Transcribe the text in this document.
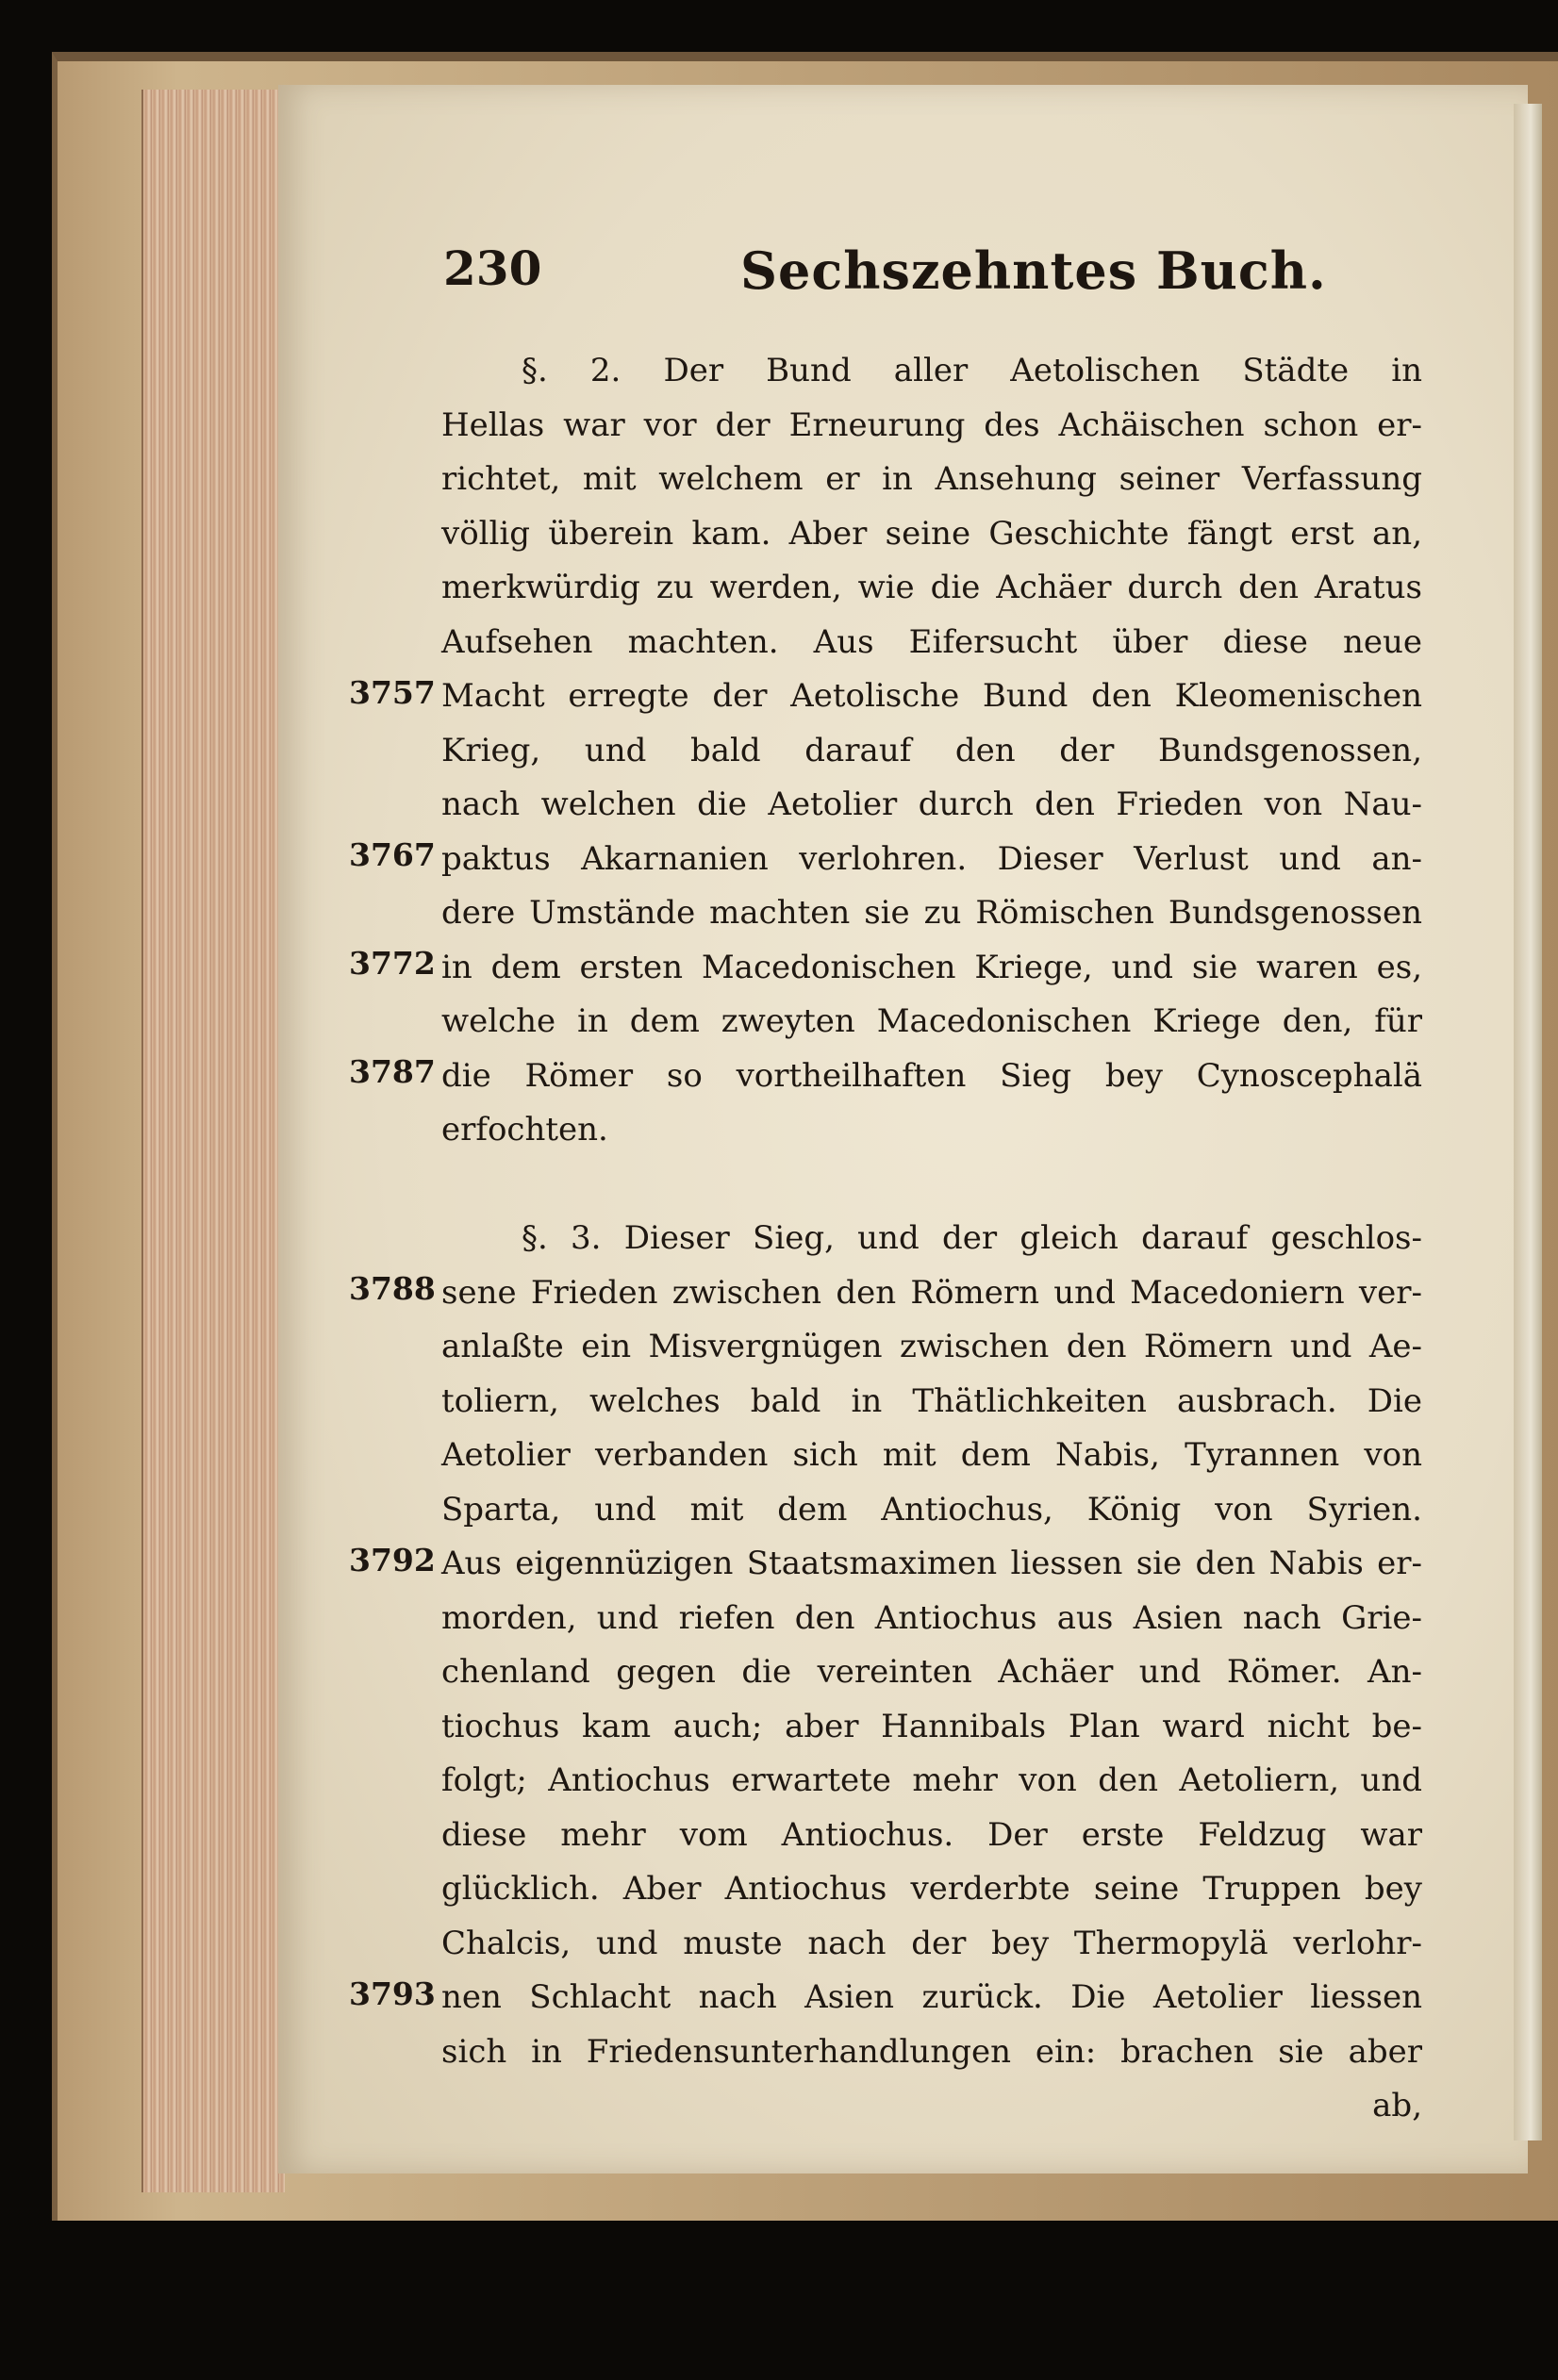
230	Sechszehntes Buch.
§. 2. Der Bund aller Aetolischen Städte in
Hellas war vor der Erneurung des Achäischen schon er-
richtet, mit welchem er in Ansehung seiner Verfassung
völlig überein kam. Aber seine Geschichte fängt erst an,
merkwürdig zu werden, wie die Achäer durch den Aratus
Aufsehen machten. Aus Eifersucht über diese neue
Macht erregte der Aetolische Bund den Kleomenischen
Krieg, und bald darauf den der Bundsgenossen,
nach welchen die Aetolier durch den Frieden von Nau-
paktus Akarnanien verlohren. Dieser Verlust und an-
dere Umstände machten sie zu Römischen Bundsgenossen
in dem ersten Macedonischen Kriege, und sie waren es,
welche in dem zweyten Macedonischen Kriege den, für
die Römer so vortheilhaften Sieg bey Cynoscephalä
erfochten.
§. 3. Dieser Sieg, und der gleich darauf geschlos-
sene Frieden zwischen den Römern und Macedoniern ver-
anlaßte ein Misvergnügen zwischen den Römern und Ae-
toliern, welches bald in Thätlichkeiten ausbrach. Die
Aetolier verbanden sich mit dem Nabis, Tyrannen von
Sparta, und mit dem Antiochus, König von Syrien.
Aus eigennüzigen Staatsmaximen liessen sie den Nabis er-
morden, und riefen den Antiochus aus Asien nach Grie-
chenland gegen die vereinten Achäer und Römer. An-
tiochus kam auch; aber Hannibals Plan ward nicht be-
folgt; Antiochus erwartete mehr von den Aetoliern, und
diese mehr vom Antiochus. Der erste Feldzug war
glücklich. Aber Antiochus verderbte seine Truppen bey
Chalcis, und muste nach der bey Thermopylä verlohr-
nen Schlacht nach Asien zurück. Die Aetolier liessen
sich in Friedensunterhandlungen ein: brachen sie aber
ab,
3757
3767
3772
3787
3788
3792
3793
